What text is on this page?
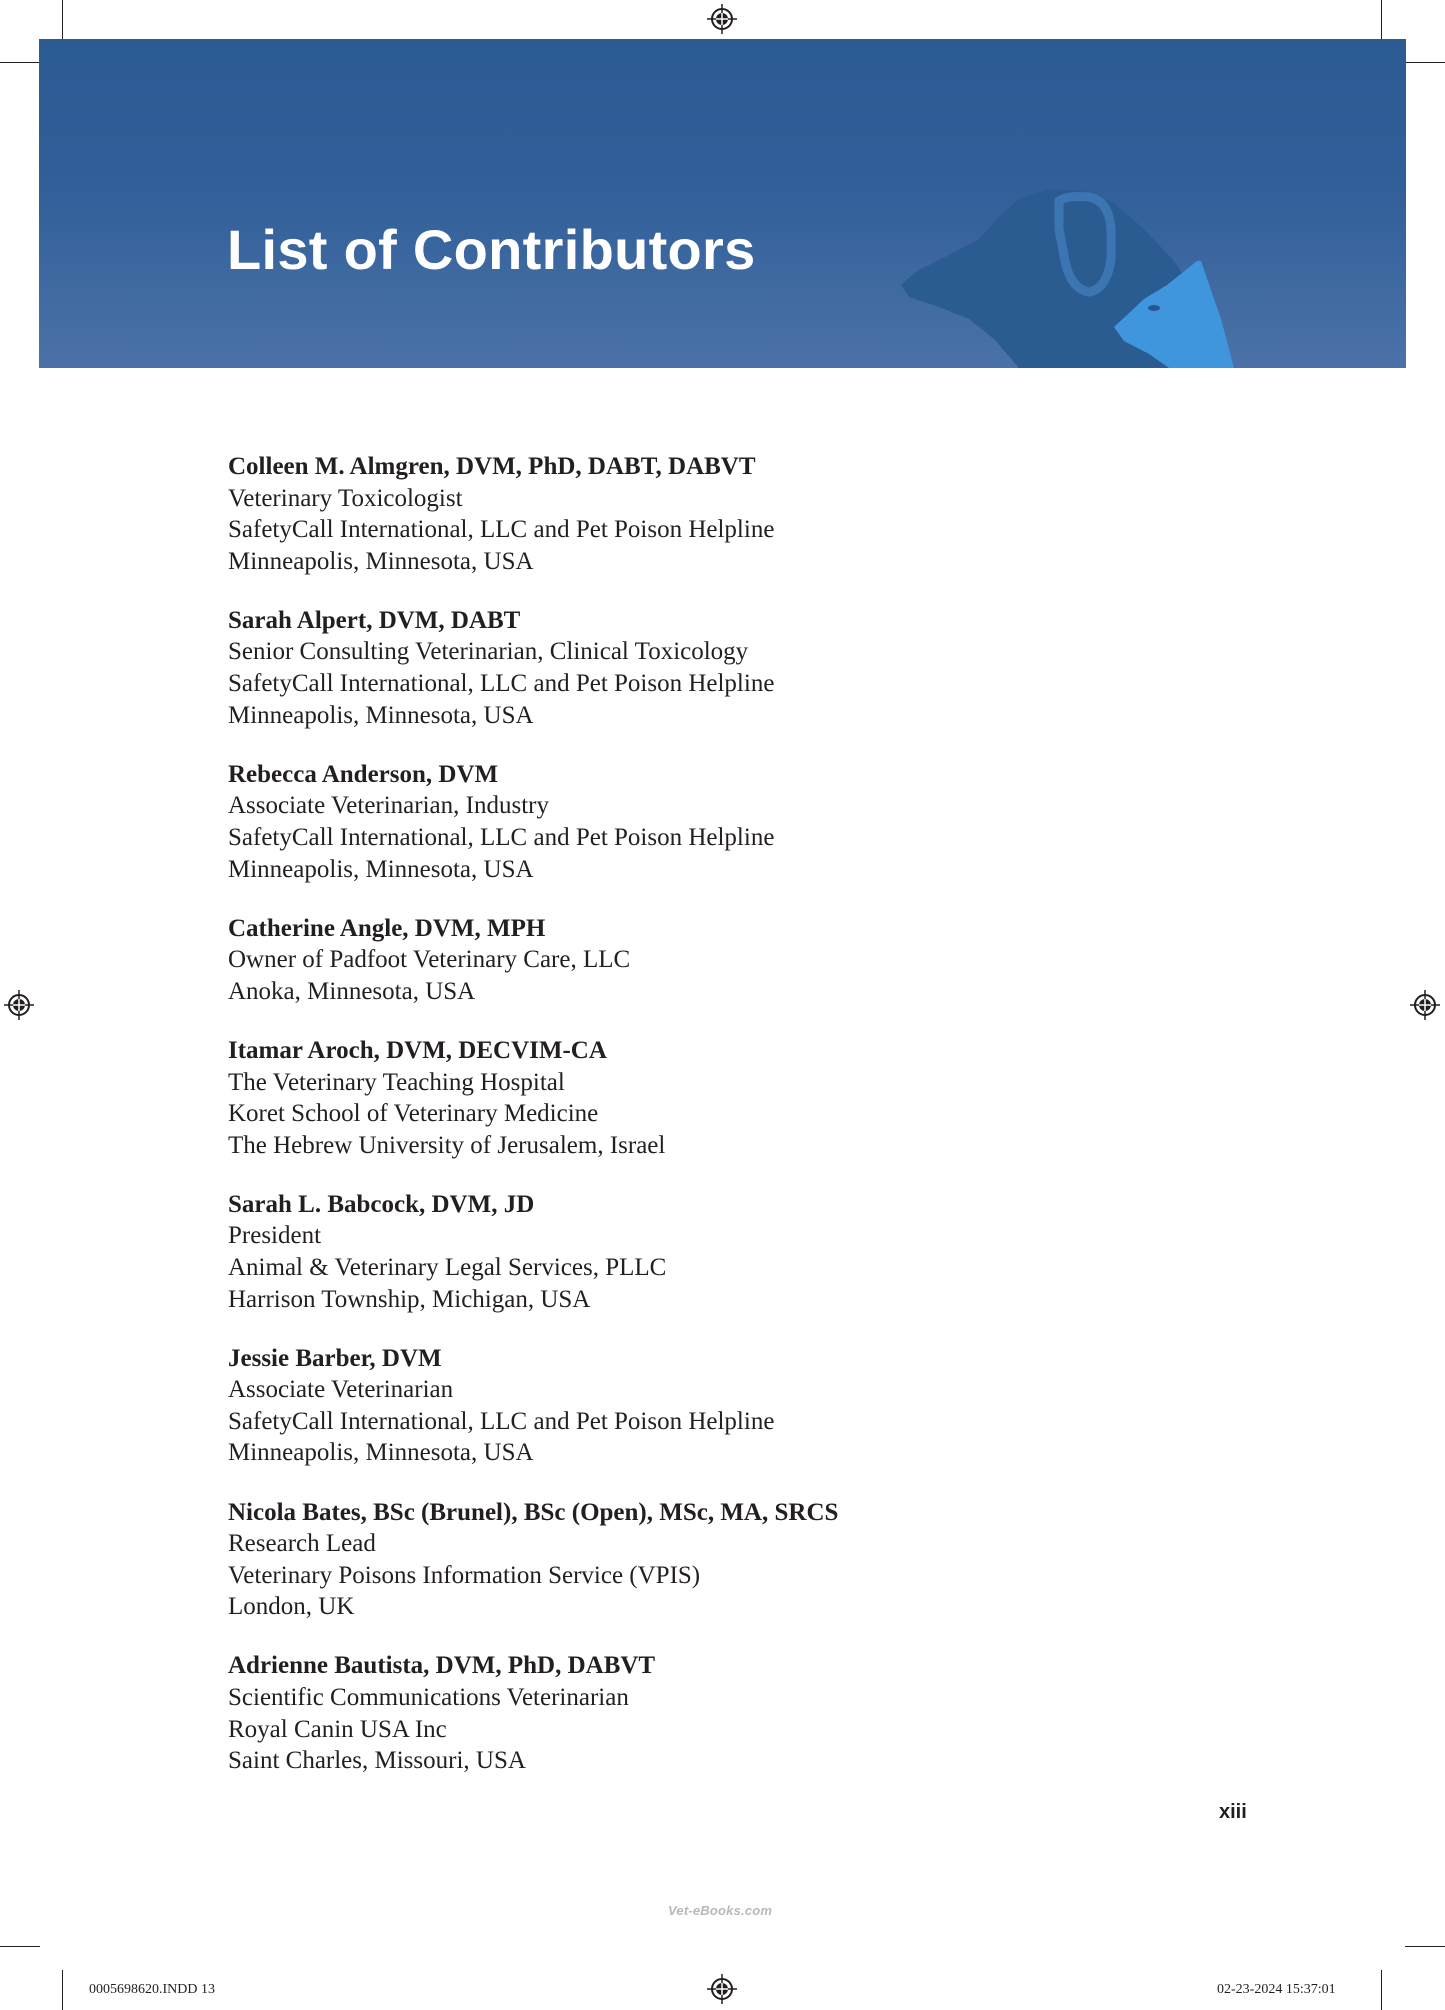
List of Contributors
Colleen M. Almgren, DVM, PhD, DABT, DABVT
Veterinary Toxicologist
SafetyCall International, LLC and Pet Poison Helpline
Minneapolis, Minnesota, USA
Sarah Alpert, DVM, DABT
Senior Consulting Veterinarian, Clinical Toxicology
SafetyCall International, LLC and Pet Poison Helpline
Minneapolis, Minnesota, USA
Rebecca Anderson, DVM
Associate Veterinarian, Industry
SafetyCall International, LLC and Pet Poison Helpline
Minneapolis, Minnesota, USA
Catherine Angle, DVM, MPH
Owner of Padfoot Veterinary Care, LLC
Anoka, Minnesota, USA
Itamar Aroch, DVM, DECVIM-CA
The Veterinary Teaching Hospital
Koret School of Veterinary Medicine
The Hebrew University of Jerusalem, Israel
Sarah L. Babcock, DVM, JD
President
Animal & Veterinary Legal Services, PLLC
Harrison Township, Michigan, USA
Jessie Barber, DVM
Associate Veterinarian
SafetyCall International, LLC and Pet Poison Helpline
Minneapolis, Minnesota, USA
Nicola Bates, BSc (Brunel), BSc (Open), MSc, MA, SRCS
Research Lead
Veterinary Poisons Information Service (VPIS)
London, UK
Adrienne Bautista, DVM, PhD, DABVT
Scientific Communications Veterinarian
Royal Canin USA Inc
Saint Charles, Missouri, USA
xiii
Vet-eBooks.com
0005698620.INDD 13	02-23-2024 15:37:01
